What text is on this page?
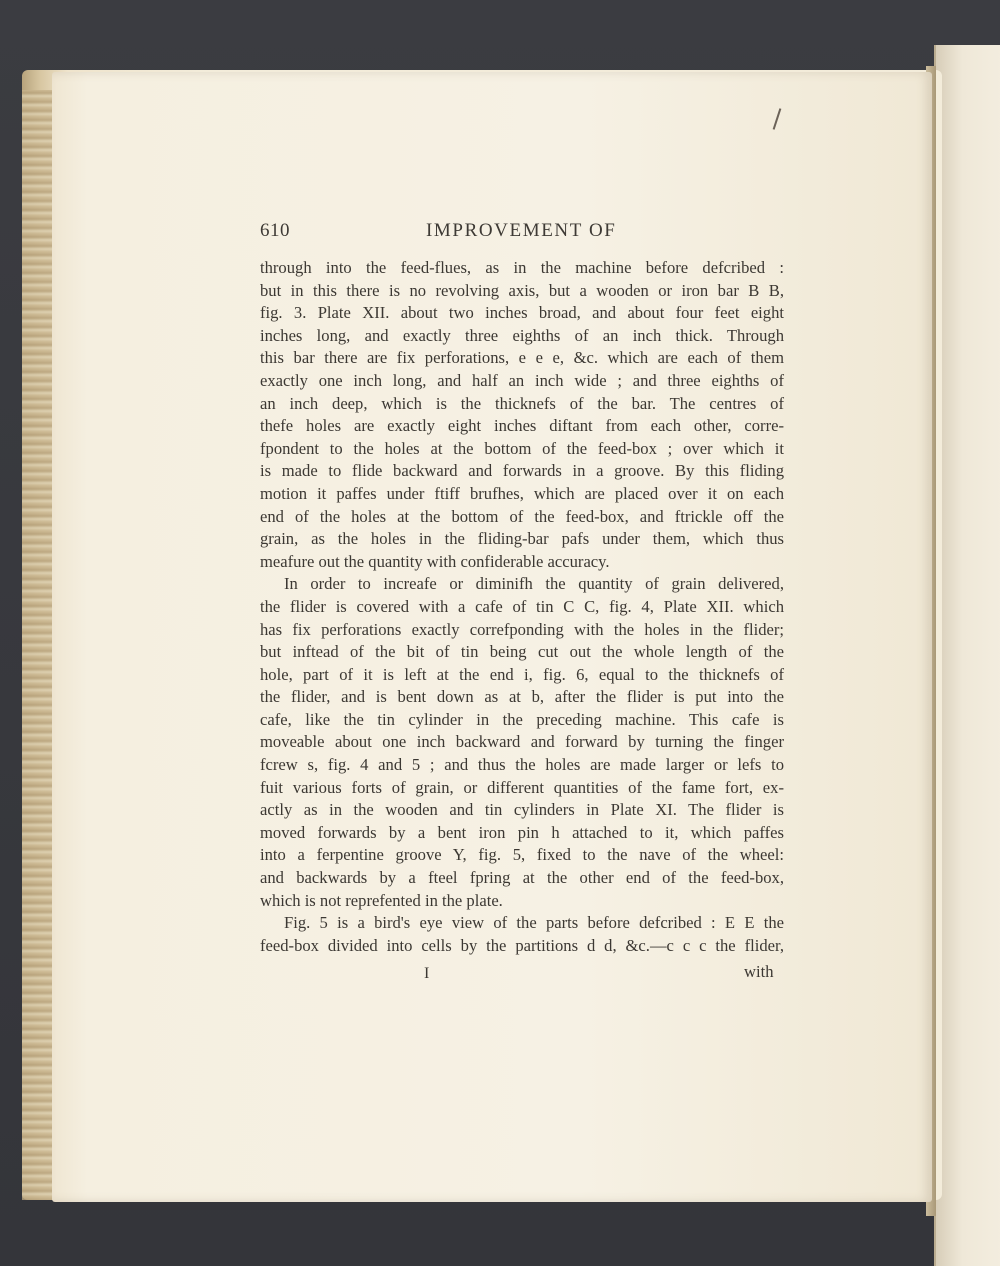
610	IMPROVEMENT OF
through into the feed-flues, as in the machine before defcribed :
but in this there is no revolving axis, but a wooden or iron bar B B,
fig. 3. Plate XII. about two inches broad, and about four feet eight
inches long, and exactly three eighths of an inch thick. Through
this bar there are fix perforations, e e e, &c. which are each of them
exactly one inch long, and half an inch wide ; and three eighths of
an inch deep, which is the thicknefs of the bar. The centres of
thefe holes are exactly eight inches diftant from each other, corre-
fpondent to the holes at the bottom of the feed-box ; over which it
is made to flide backward and forwards in a groove. By this fliding
motion it paffes under ftiff brufhes, which are placed over it on each
end of the holes at the bottom of the feed-box, and ftrickle off the
grain, as the holes in the fliding-bar pafs under them, which thus
meafure out the quantity with confiderable accuracy.
In order to increafe or diminifh the quantity of grain delivered,
the flider is covered with a cafe of tin C C, fig. 4, Plate XII. which
has fix perforations exactly correfponding with the holes in the flider;
but inftead of the bit of tin being cut out the whole length of the
hole, part of it is left at the end i, fig. 6, equal to the thicknefs of
the flider, and is bent down as at b, after the flider is put into the
cafe, like the tin cylinder in the preceding machine. This cafe is
moveable about one inch backward and forward by turning the finger
fcrew s, fig. 4 and 5 ; and thus the holes are made larger or lefs to
fuit various forts of grain, or different quantities of the fame fort, ex-
actly as in the wooden and tin cylinders in Plate XI. The flider is
moved forwards by a bent iron pin h attached to it, which paffes
into a ferpentine groove Y, fig. 5, fixed to the nave of the wheel:
and backwards by a fteel fpring at the other end of the feed-box,
which is not reprefented in the plate.
Fig. 5 is a bird's eye view of the parts before defcribed : E E the
feed-box divided into cells by the partitions d d, &c.—c c c the flider,
I	with
